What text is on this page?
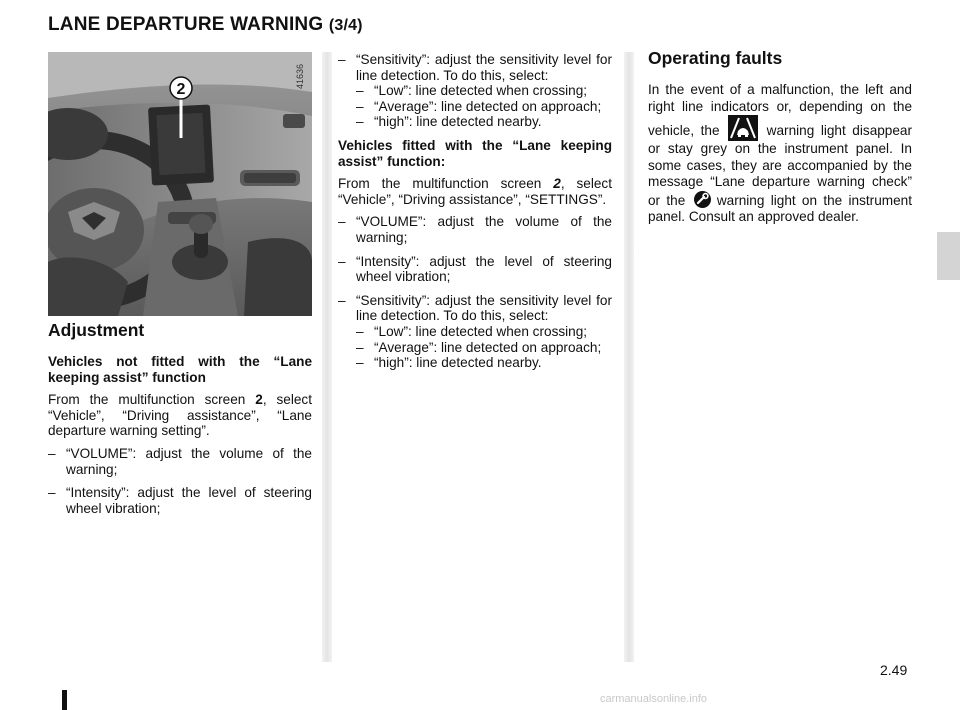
LANE DEPARTURE WARNING (3/4)
2
41636
Adjustment

Vehicles not fitted with the “Lane keeping assist” function

From the multifunction screen 2, select “Vehicle”, “Driving assistance”, “Lane departure warning setting”.

– “VOLUME”: adjust the volume of the warning;
– “Intensity”: adjust the level of steering wheel vibration;
– “Sensitivity”: adjust the sensitivity level for line detection. To do this, select:
– “Low”: line detected when crossing;
– “Average”: line detected on approach;
– “high”: line detected nearby.

Vehicles fitted with the “Lane keeping assist” function:

From the multifunction screen 2, select “Vehicle”, “Driving assistance”, “SETTINGS”.

– “VOLUME”: adjust the volume of the warning;
– “Intensity”: adjust the level of steering wheel vibration;
– “Sensitivity”: adjust the sensitivity level for line detection. To do this, select:
– “Low”: line detected when crossing;
– “Average”: line detected on approach;
– “high”: line detected nearby.
Operating faults

In the event of a malfunction, the left and right line indicators or, depending on the vehicle, the	warning light disappear or stay grey on the instrument panel. In some cases, they are accompanied by the message “Lane departure warning check” or the warning light on the instrument panel. Consult an approved dealer.

2.49
carmanualsonline.info
